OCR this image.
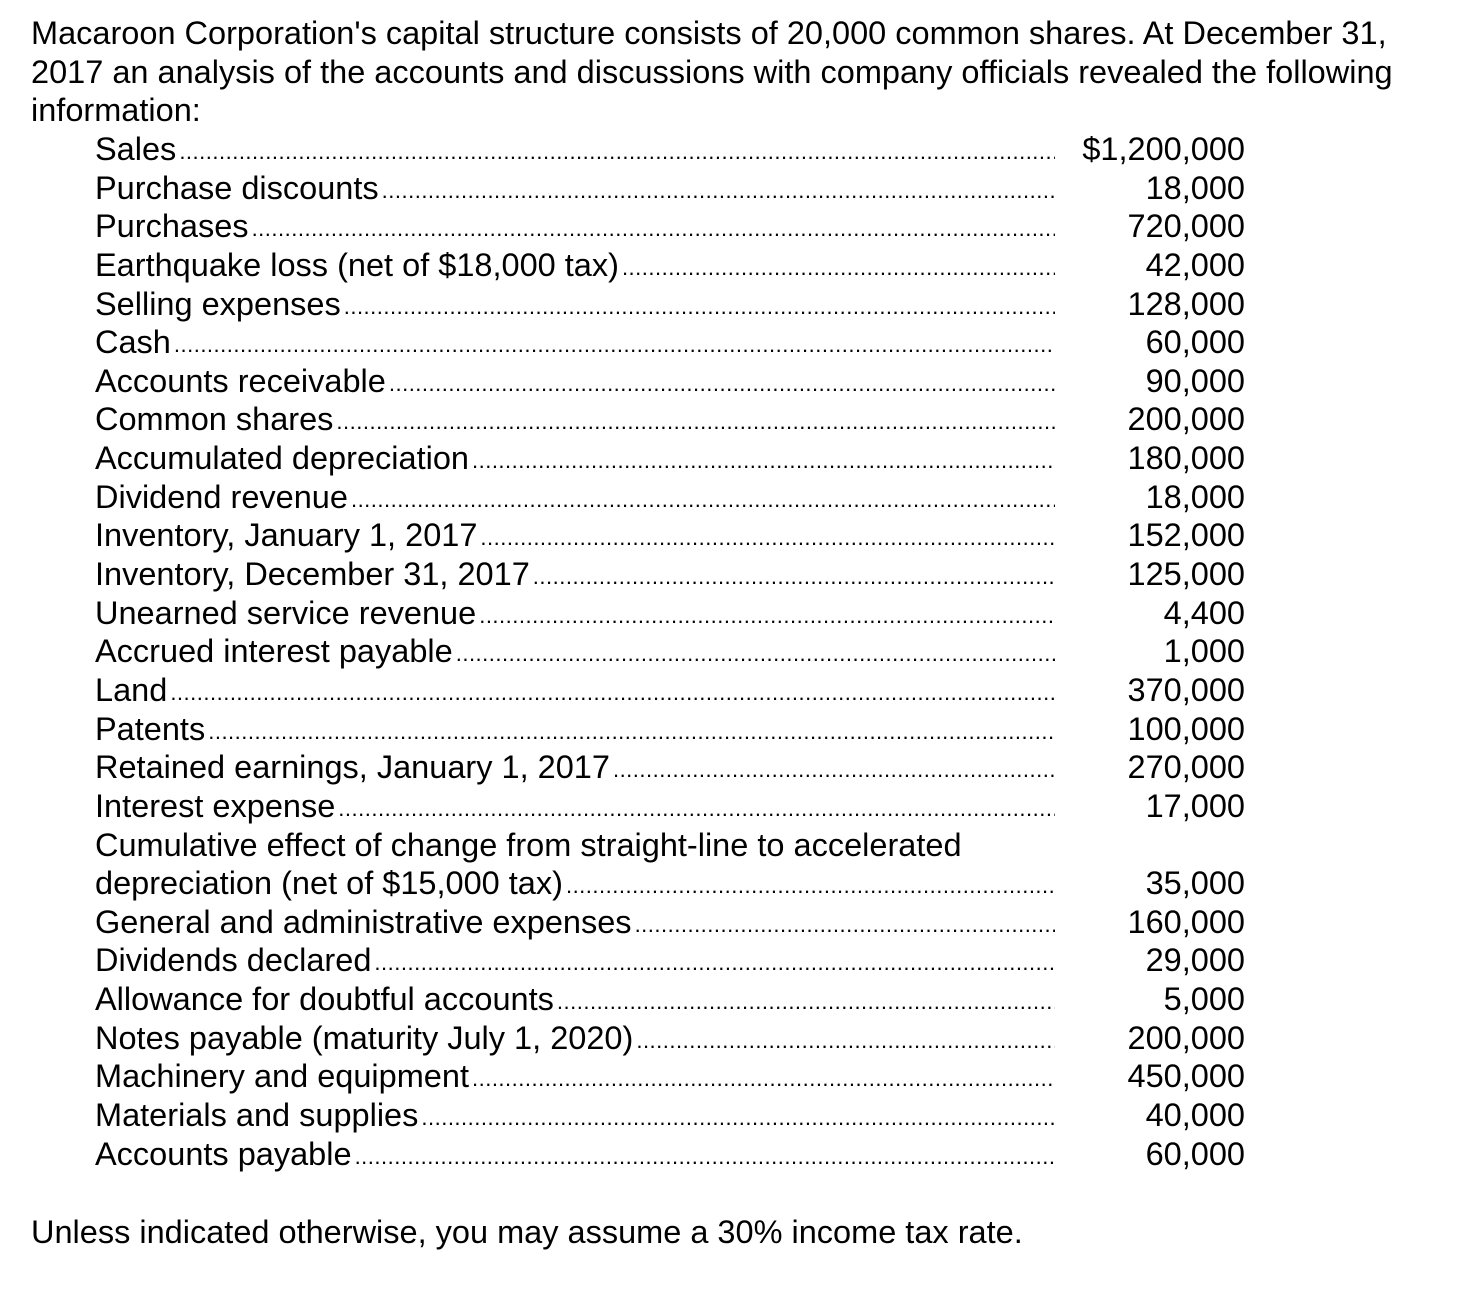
Macaroon Corporation's capital structure consists of 20,000 common shares. At December 31,
2017 an analysis of the accounts and discussions with company officials revealed the following
information:

Sales .....	$1,200,000
Purchase discounts .....	18,000
Purchases .....	720,000
Earthquake loss (net of $18,000 tax) .....	42,000
Selling expenses .....	128,000
Cash .....	60,000
Accounts receivable .....	90,000
Common shares .....	200,000
Accumulated depreciation .....	180,000
Dividend revenue .....	18,000
Inventory, January 1, 2017 .....	152,000
Inventory, December 31, 2017 .....	125,000
Unearned service revenue .....	4,400
Accrued interest payable .....	1,000
Land .....	370,000
Patents .....	100,000
Retained earnings, January 1, 2017 .....	270,000
Interest expense .....	17,000
Cumulative effect of change from straight-line to accelerated
depreciation (net of $15,000 tax) .....	35,000
General and administrative expenses .....	160,000
Dividends declared .....	29,000
Allowance for doubtful accounts .....	5,000
Notes payable (maturity July 1, 2020) .....	200,000
Machinery and equipment .....	450,000
Materials and supplies .....	40,000
Accounts payable .....	60,000

Unless indicated otherwise, you may assume a 30% income tax rate.
